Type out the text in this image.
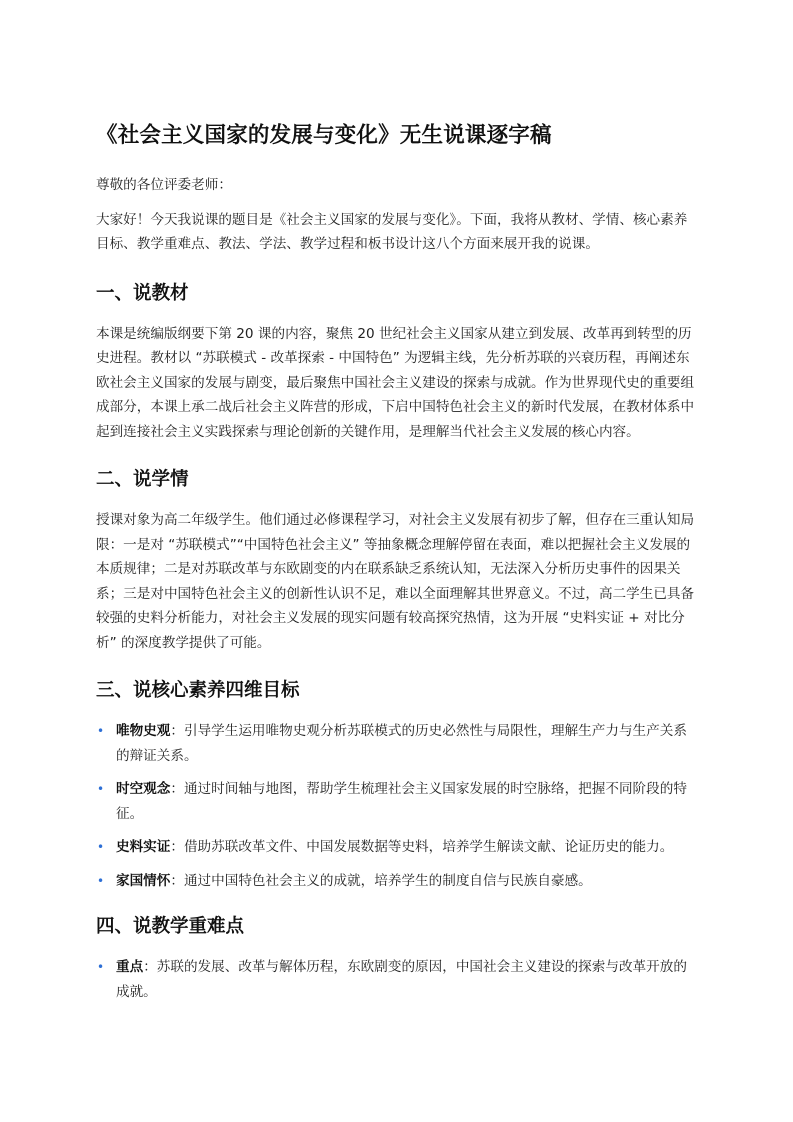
《社会主义国家的发展与变化》无生说课逐字稿

尊敬的各位评委老师：

大家好！今天我说课的题目是《社会主义国家的发展与变化》。下面，我将从教材、学情、核心素养目标、教学重难点、教法、学法、教学过程和板书设计这八个方面来展开我的说课。

一、说教材

本课是统编版纲要下第 20 课的内容，聚焦 20 世纪社会主义国家从建立到发展、改革再到转型的历史进程。教材以 “苏联模式 - 改革探索 - 中国特色” 为逻辑主线，先分析苏联的兴衰历程，再阐述东欧社会主义国家的发展与剧变，最后聚焦中国社会主义建设的探索与成就。作为世界现代史的重要组成部分，本课上承二战后社会主义阵营的形成，下启中国特色社会主义的新时代发展，在教材体系中起到连接社会主义实践探索与理论创新的关键作用，是理解当代社会主义发展的核心内容。

二、说学情

授课对象为高二年级学生。他们通过必修课程学习，对社会主义发展有初步了解，但存在三重认知局限：一是对 “苏联模式”“中国特色社会主义” 等抽象概念理解停留在表面，难以把握社会主义发展的本质规律；二是对苏联改革与东欧剧变的内在联系缺乏系统认知，无法深入分析历史事件的因果关系；三是对中国特色社会主义的创新性认识不足，难以全面理解其世界意义。不过，高二学生已具备较强的史料分析能力，对社会主义发展的现实问题有较高探究热情，这为开展 “史料实证 + 对比分析” 的深度教学提供了可能。

三、说核心素养四维目标
• 唯物史观：引导学生运用唯物史观分析苏联模式的历史必然性与局限性，理解生产力与生产关系的辩证关系。
• 时空观念：通过时间轴与地图，帮助学生梳理社会主义国家发展的时空脉络，把握不同阶段的特征。
• 史料实证：借助苏联改革文件、中国发展数据等史料，培养学生解读文献、论证历史的能力。
• 家国情怀：通过中国特色社会主义的成就，培养学生的制度自信与民族自豪感。
四、说教学重难点
• 重点：苏联的发展、改革与解体历程，东欧剧变的原因，中国社会主义建设的探索与改革开放的成就。
